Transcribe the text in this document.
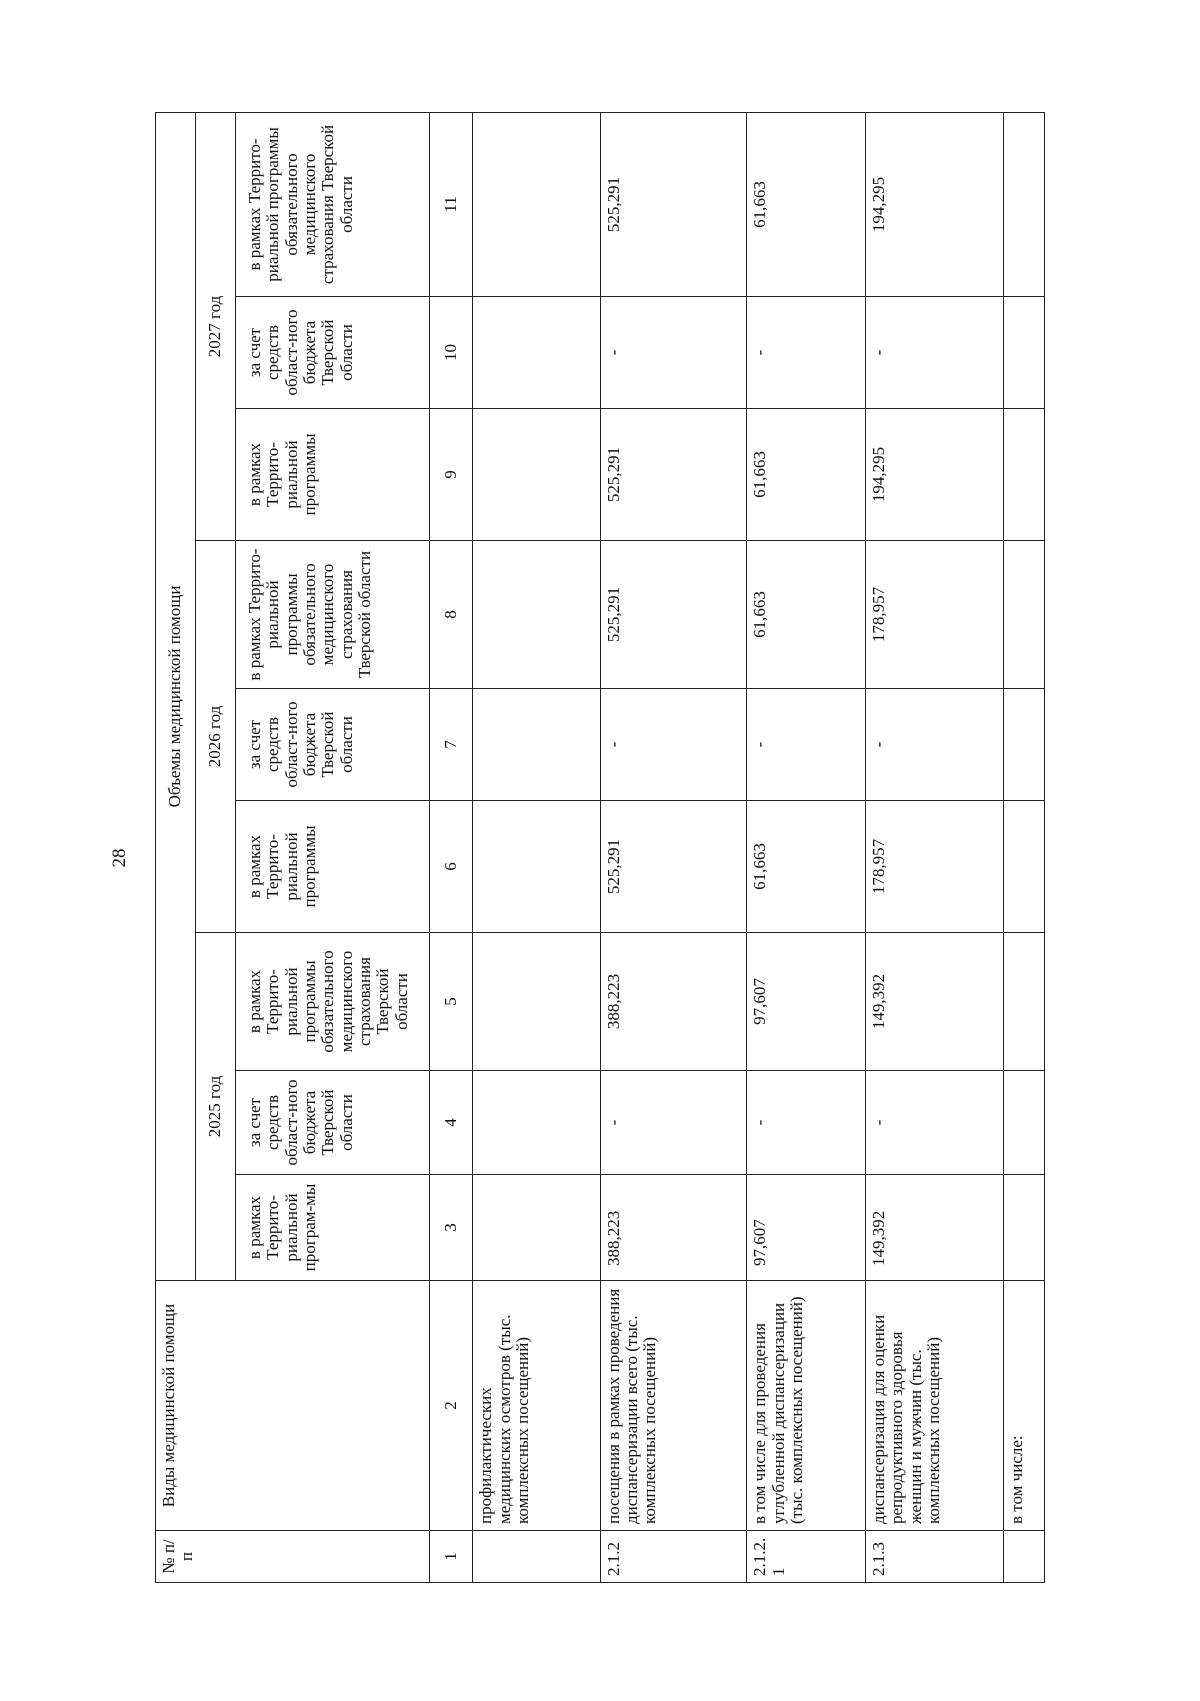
28
№ п/п	Виды медицинской помощи	Объемы медицинской помощи								
		2025 год			2026 год			2027 год		
		в рамках Террито-риальной програм-мы	за счет средств област-ного бюджета Тверской области	в рамках Террито-риальной программы обязательного медицинского страхования Тверской области	в рамках Террито-риальной программы	за счет средств област-ного бюджета Тверской области	в рамках Террито-риальной программы обязательного медицинского страхования Тверской области	в рамках Террито-риальной программы	за счет средств област-ного бюджета Тверской области	в рамках Террито-риальной программы обязательного медицинского страхования Тверской области
1	2	3	4	5	6	7	8	9	10	11
	профилактических медицинских осмотров (тыс. комплексных посещений)									
2.1.2	посещения в рамках проведения диспансеризации всего (тыс. комплексных посещений)	388,223	-	388,223	525,291	-	525,291	525,291	-	525,291
2.1.2.1	в том числе для проведения углубленной диспансеризации (тыс. комплексных посещений)	97,607	-	97,607	61,663	-	61,663	61,663	-	61,663
2.1.3	диспансеризация для оценки репродуктивного здоровья женщин и мужчин (тыс. комплексных посещений)	149,392	-	149,392	178,957	-	178,957	194,295	-	194,295
	в том числе:									
